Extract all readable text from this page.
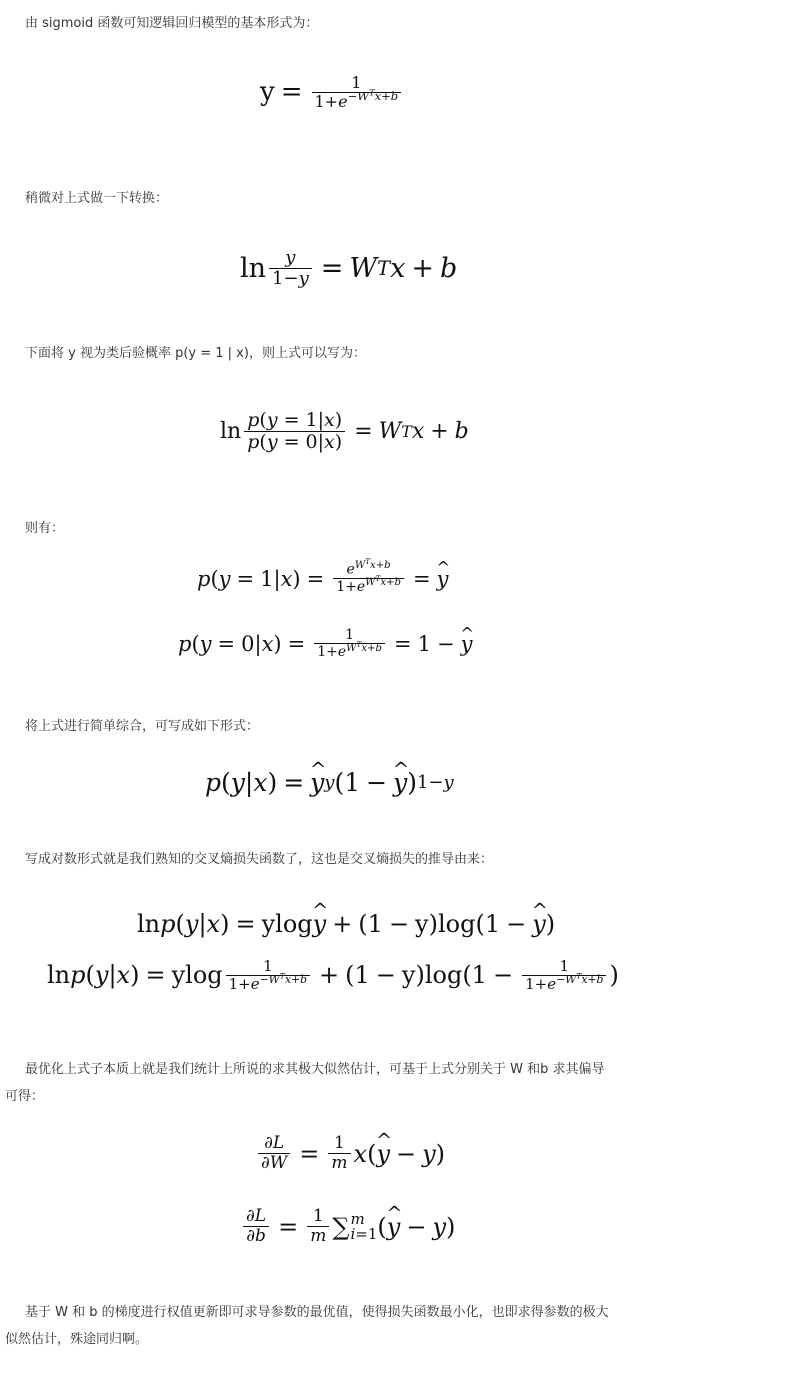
由 sigmoid 函数可知逻辑回归模型的基本形式为：
稍微对上式做一下转换：
下面将 y 视为类后验概率 p(y = 1 | x)，则上式可以写为：
则有：
将上式进行简单综合，可写成如下形式：
写成对数形式就是我们熟知的交叉熵损失函数了，这也是交叉熵损失的推导由来：
最优化上式子本质上就是我们统计上所说的求其极大似然估计，可基于上式分别关于 W 和b 求其偏导
可得：
基于 W 和 b 的梯度进行权值更新即可求导参数的最优值，使得损失函数最小化，也即求得参数的极大
似然估计，殊途同归啊。
$y = \frac{1}{1+e^{-W^Tx+b}}$
$\ln \frac{y}{1-y} = W$ T x + b
$\ln \frac{p(y = 1|x)}{p(y = 0|x)} = W$ T x + b
p ( y = 1| x )
= $\frac{e^{W^Tx+b}}{1+e^{W^Tx+b}} = y$ ^
p ( y = 0| x )
= $\frac{1}{1+e^{W^Tx+b}} = 1 - y$ ^
p ( y | x ) = y ^ y (1 − y ^ ) 1−y
ln p ( y | x ) = ylog y ^ + (1 − y)log(1 − y ^ )
ln p ( y | x ) = ylog $\frac{1}{1+e^{-W^Tx+b}} + (1 - y)\log(1 - \frac{1}{1+e^{-W^Tx+b}}$ )
$\frac{\partial L}{\partial W} = \frac{1}{m}$ x ( y ^ − y )
$\frac{\partial L}{\partial b} = \frac{1}{m}$ ∑ m
i=1 ( y ^ − y )
